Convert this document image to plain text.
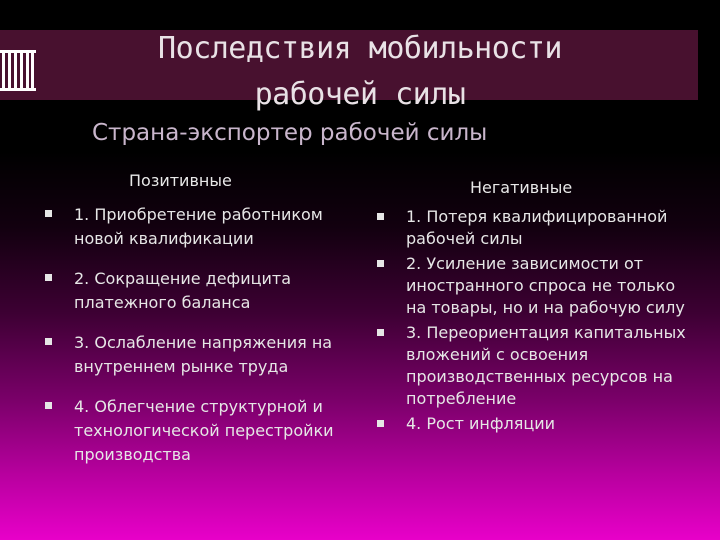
Последствия мобильности
рабочей силы
Страна-экспортер рабочей силы
Позитивные	Негативные
1. Приобретение работником новой квалификации
2. Сокращение дефицита платежного баланса
3. Ослабление напряжения на внутреннем рынке труда
4. Облегчение структурной и технологической перестройки производства
1. Потеря квалифицированной рабочей силы
2. Усиление зависимости от иностранного спроса не только на товары, но и на рабочую силу
3. Переориентация капитальных вложений с освоения производственных ресурсов на потребление
4. Рост инфляции
